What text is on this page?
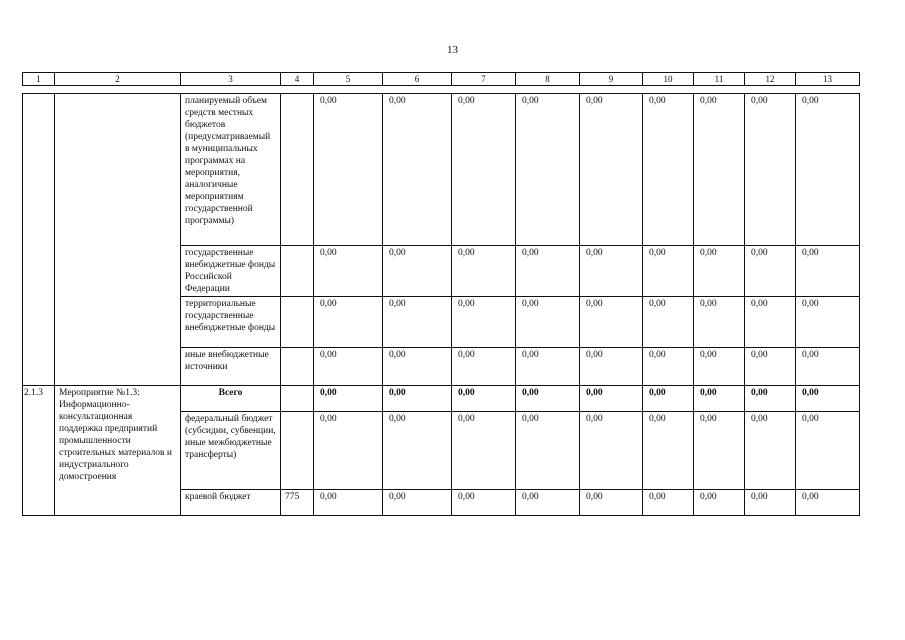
13
1	2	3	4	5	6	7	8	9	10	11	12	13
		планируемый объем средств местных бюджетов (предусматриваемый в муниципальных программах на мероприятия, аналогичные мероприятиям государственной программы)		0,00	0,00	0,00	0,00	0,00	0,00	0,00	0,00	0,00
		государственные внебюджетные фонды Российской Федерации		0,00	0,00	0,00	0,00	0,00	0,00	0,00	0,00	0,00
		территориальные государственные внебюджетные фонды		0,00	0,00	0,00	0,00	0,00	0,00	0,00	0,00	0,00
		иные внебюджетные источники		0,00	0,00	0,00	0,00	0,00	0,00	0,00	0,00	0,00
2.1.3	Мероприятие №1.3: Информационно-консультационная поддержка предприятий промышленности строительных материалов и индустриального домостроения	Всего		0,00	0,00	0,00	0,00	0,00	0,00	0,00	0,00	0,00
		федеральный бюджет (субсидии, субвенции, иные межбюджетные трансферты)		0,00	0,00	0,00	0,00	0,00	0,00	0,00	0,00	0,00
		краевой бюджет	775	0,00	0,00	0,00	0,00	0,00	0,00	0,00	0,00	0,00
